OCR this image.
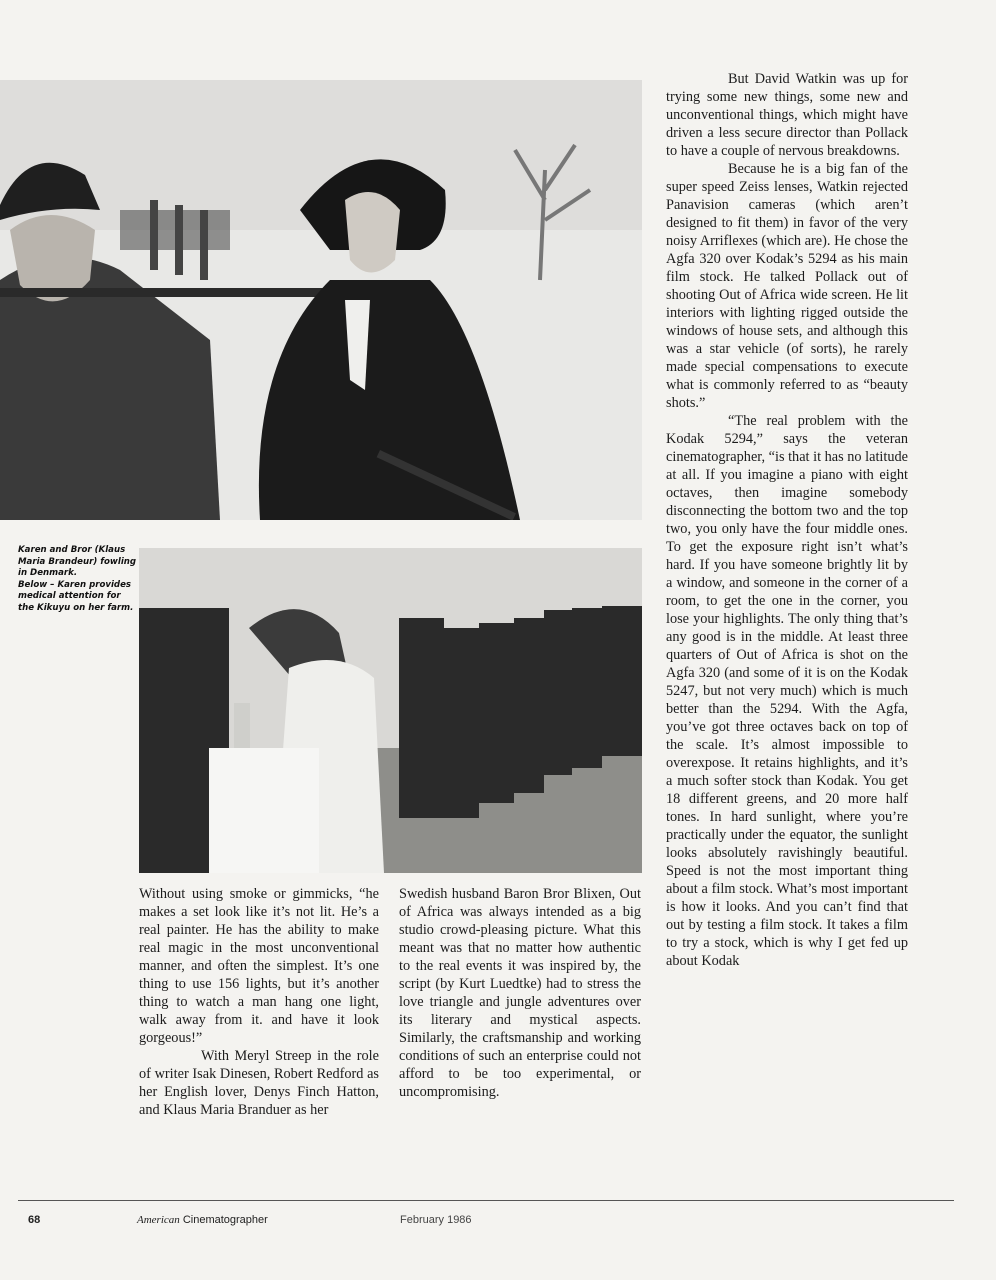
Karen and Bror (Klaus Maria Brandeur) fowling in Denmark.

Below – Karen provides medical attention for the Kikuyu on her farm.

Without using smoke or gimmicks, “he makes a set look like it’s not lit. He’s a real painter. He has the ability to make real magic in the most unconventional manner, and often the simplest. It’s one thing to use 156 lights, but it’s another thing to watch a man hang one light, walk away from it. and have it look gorgeous!”

With Meryl Streep in the role of writer Isak Dinesen, Robert Redford as her English lover, Denys Finch Hatton, and Klaus Maria Branduer as her

Swedish husband Baron Bror Blixen, Out of Africa was always intended as a big studio crowd-pleasing picture. What this meant was that no matter how authentic to the real events it was inspired by, the script (by Kurt Luedtke) had to stress the love triangle and jungle adventures over its literary and mystical aspects. Similarly, the craftsmanship and working conditions of such an enterprise could not afford to be too experimental, or uncompromising.

But David Watkin was up for trying some new things, some new and unconventional things, which might have driven a less secure director than Pollack to have a couple of nervous breakdowns.

Because he is a big fan of the super speed Zeiss lenses, Watkin rejected Panavision cameras (which aren’t designed to fit them) in favor of the very noisy Arriflexes (which are). He chose the Agfa 320 over Kodak’s 5294 as his main film stock. He talked Pollack out of shooting Out of Africa wide screen. He lit interiors with lighting rigged outside the windows of house sets, and although this was a star vehicle (of sorts), he rarely made special compensations to execute what is commonly referred to as “beauty shots.”

“The real problem with the Kodak 5294,” says the veteran cinematographer, “is that it has no latitude at all. If you imagine a piano with eight octaves, then imagine somebody disconnecting the bottom two and the top two, you only have the four middle ones. To get the exposure right isn’t what’s hard. If you have someone brightly lit by a window, and someone in the corner of a room, to get the one in the corner, you lose your highlights. The only thing that’s any good is in the middle. At least three quarters of Out of Africa is shot on the Agfa 320 (and some of it is on the Kodak 5247, but not very much) which is much better than the 5294. With the Agfa, you’ve got three octaves back on top of the scale. It’s almost impossible to overexpose. It retains highlights, and it’s a much softer stock than Kodak. You get 18 different greens, and 20 more half tones. In hard sunlight, where you’re practically under the equator, the sunlight looks absolutely ravishingly beautiful. Speed is not the most important thing about a film stock. What’s most important is how it looks. And you can’t find that out by testing a film stock. It takes a film to try a stock, which is why I get fed up about Kodak

68	American Cinematographer	February 1986
